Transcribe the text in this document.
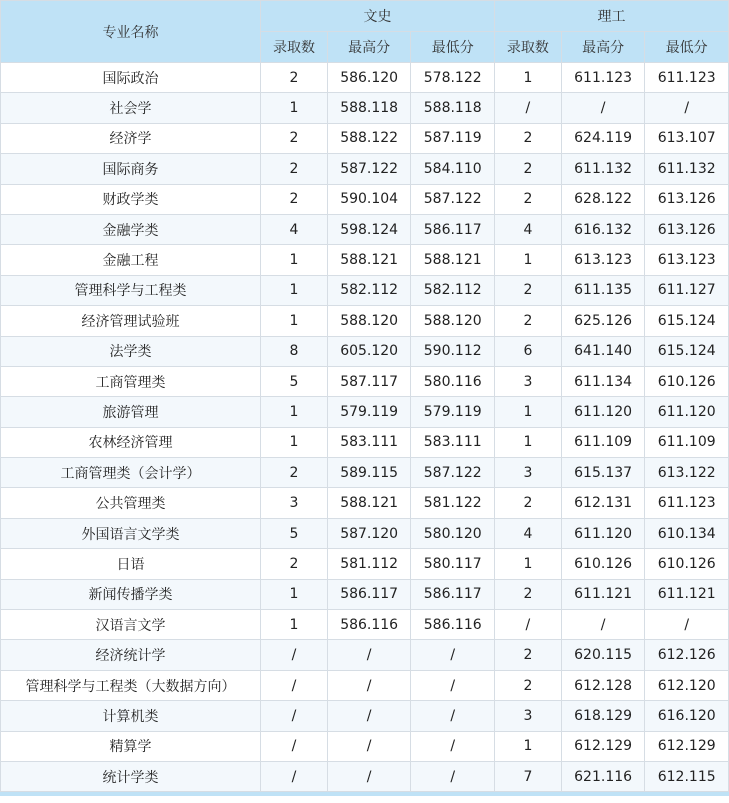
专业名称	文史			理工		
	录取数	最高分	最低分	录取数	最高分	最低分
国际政治	2	586.120	578.122	1	611.123	611.123
社会学	1	588.118	588.118	/	/	/
经济学	2	588.122	587.119	2	624.119	613.107
国际商务	2	587.122	584.110	2	611.132	611.132
财政学类	2	590.104	587.122	2	628.122	613.126
金融学类	4	598.124	586.117	4	616.132	613.126
金融工程	1	588.121	588.121	1	613.123	613.123
管理科学与工程类	1	582.112	582.112	2	611.135	611.127
经济管理试验班	1	588.120	588.120	2	625.126	615.124
法学类	8	605.120	590.112	6	641.140	615.124
工商管理类	5	587.117	580.116	3	611.134	610.126
旅游管理	1	579.119	579.119	1	611.120	611.120
农林经济管理	1	583.111	583.111	1	611.109	611.109
工商管理类（会计学）	2	589.115	587.122	3	615.137	613.122
公共管理类	3	588.121	581.122	2	612.131	611.123
外国语言文学类	5	587.120	580.120	4	611.120	610.134
日语	2	581.112	580.117	1	610.126	610.126
新闻传播学类	1	586.117	586.117	2	611.121	611.121
汉语言文学	1	586.116	586.116	/	/	/
经济统计学	/	/	/	2	620.115	612.126
管理科学与工程类（大数据方向）	/	/	/	2	612.128	612.120
计算机类	/	/	/	3	618.129	616.120
精算学	/	/	/	1	612.129	612.129
统计学类	/	/	/	7	621.116	612.115
